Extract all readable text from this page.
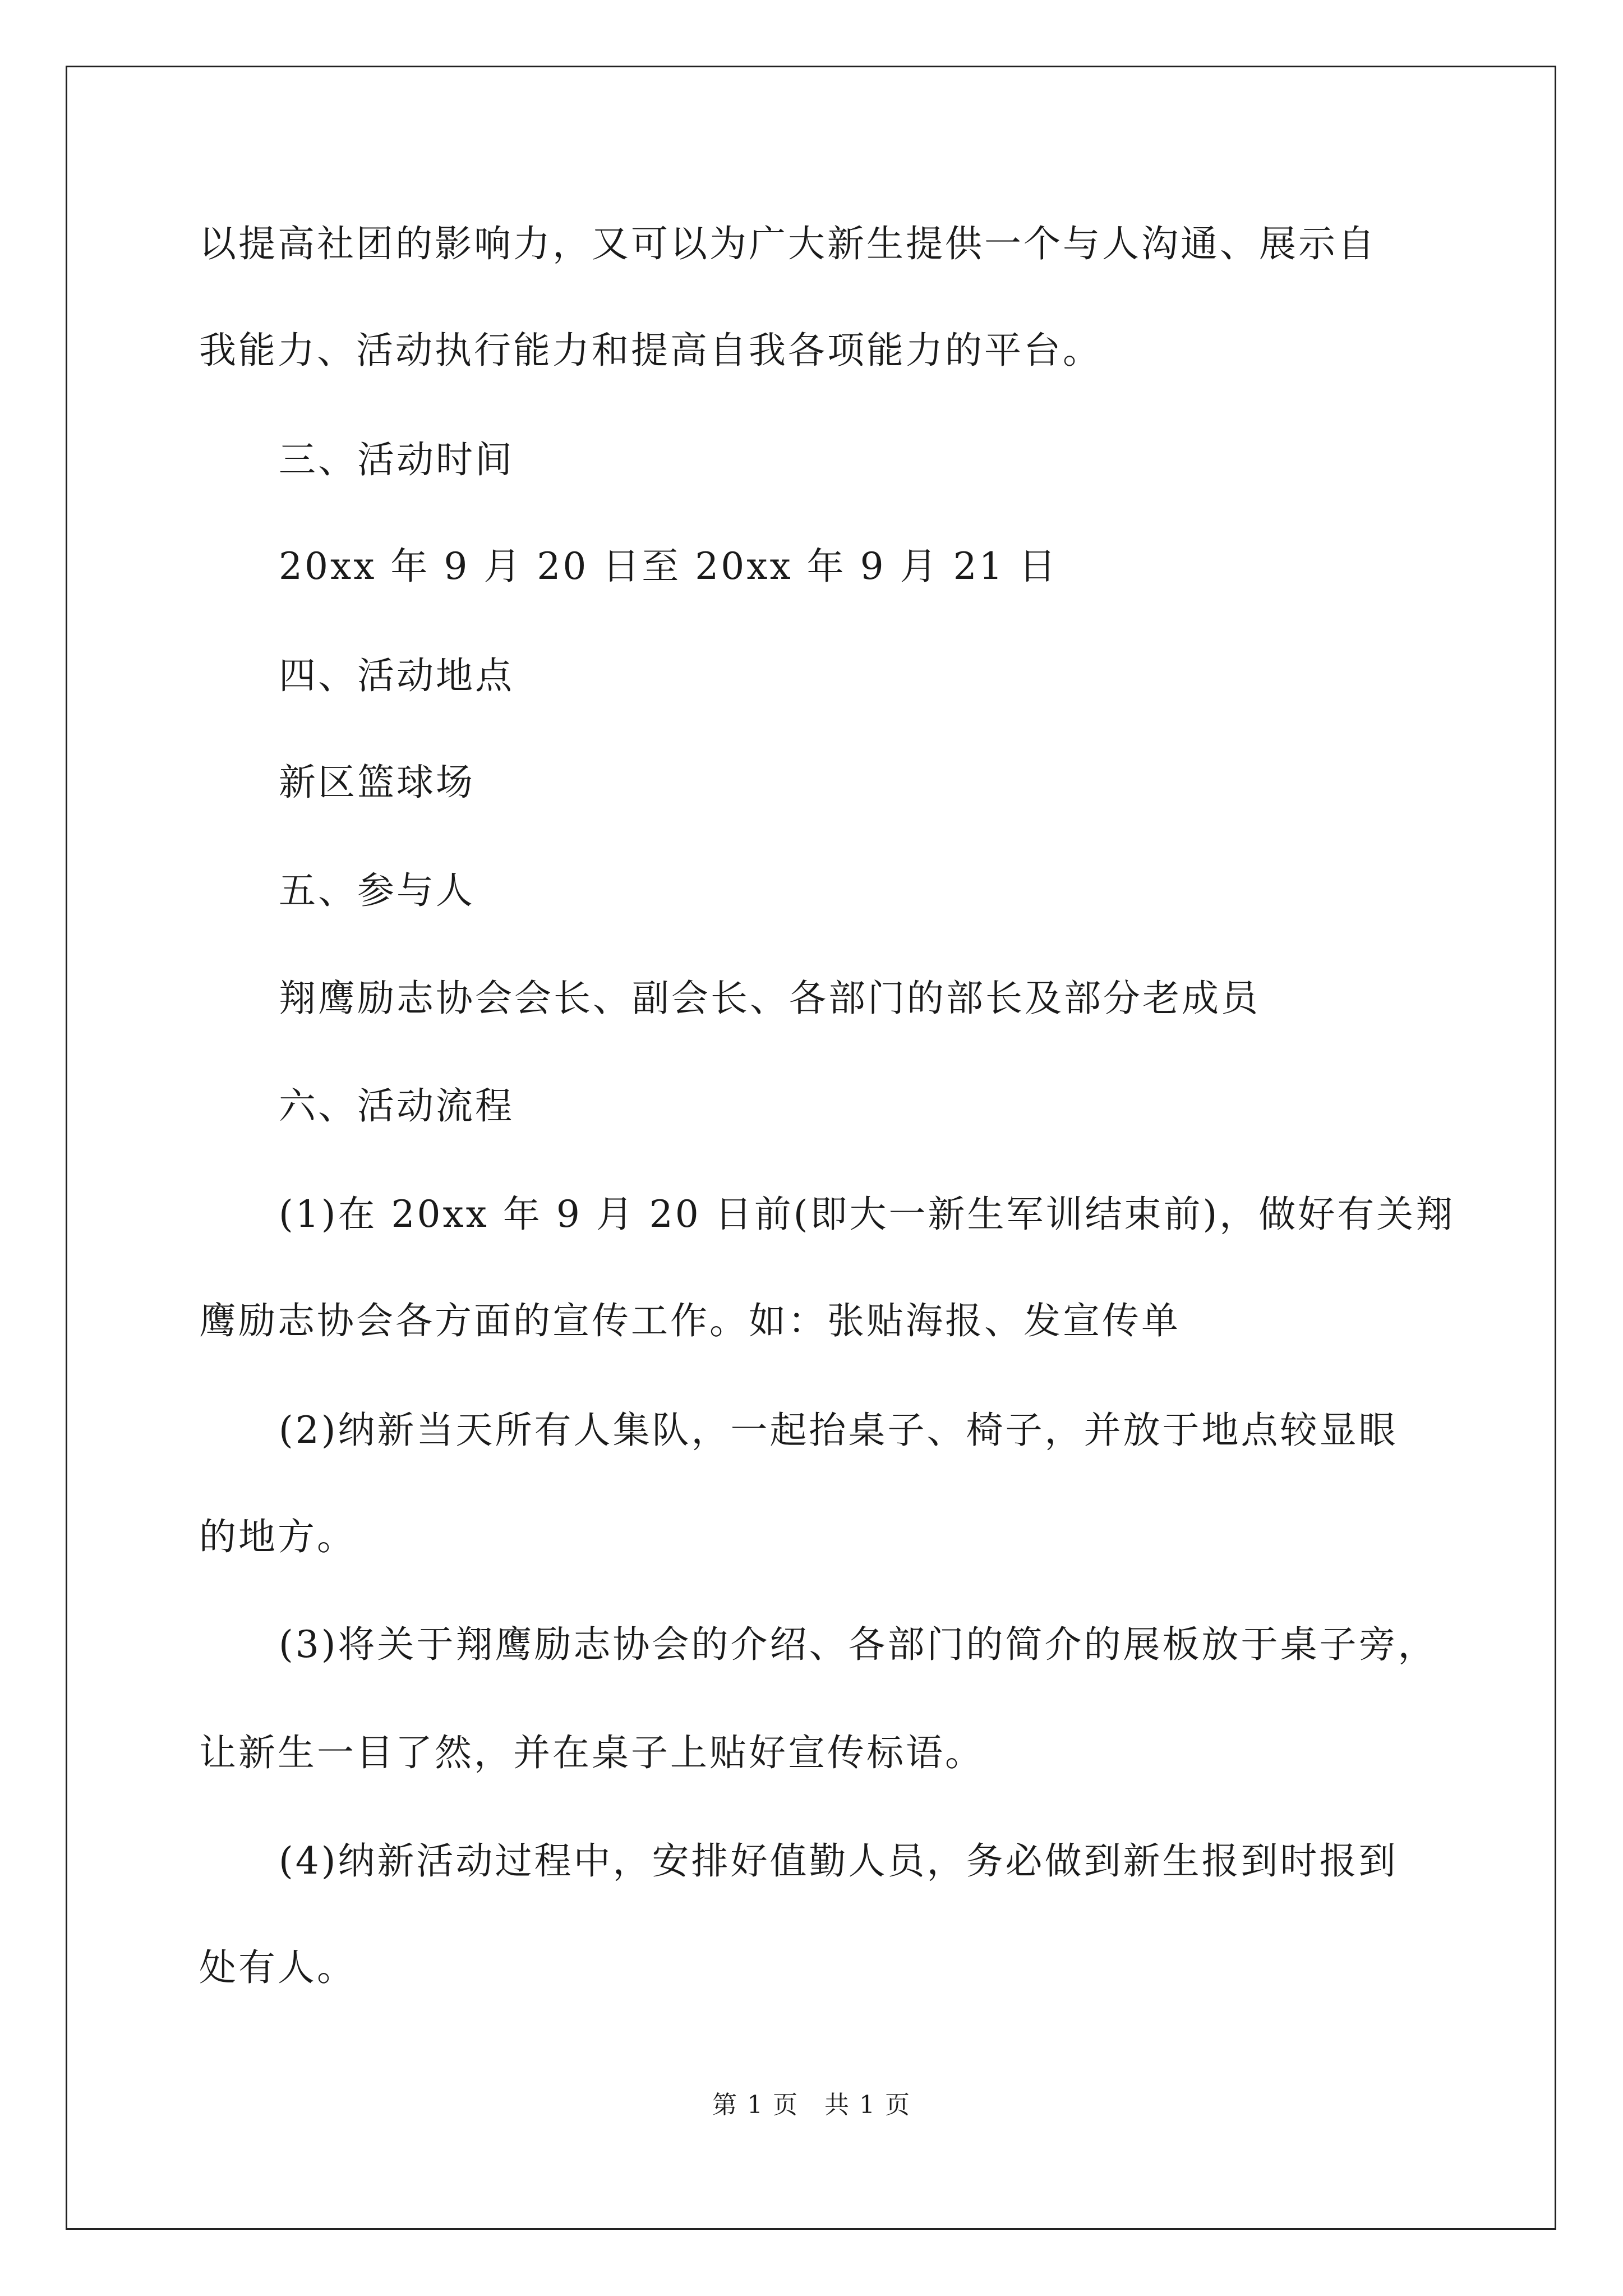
以提高社团的影响力，又可以为广大新生提供一个与人沟通、展示自
我能力、活动执行能力和提高自我各项能力的平台。
三、活动时间
20xx 年 9 月 20 日至 20xx 年 9 月 21 日
四、活动地点
新区篮球场
五、参与人
翔鹰励志协会会长、副会长、各部门的部长及部分老成员
六、活动流程
(1)在 20xx 年 9 月 20 日前(即大一新生军训结束前)，做好有关翔
鹰励志协会各方面的宣传工作。如：张贴海报、发宣传单
(2)纳新当天所有人集队，一起抬桌子、椅子，并放于地点较显眼
的地方。
(3)将关于翔鹰励志协会的介绍、各部门的简介的展板放于桌子旁，
让新生一目了然，并在桌子上贴好宣传标语。
(4)纳新活动过程中，安排好值勤人员，务必做到新生报到时报到
处有人。
第 1 页　共 1 页
